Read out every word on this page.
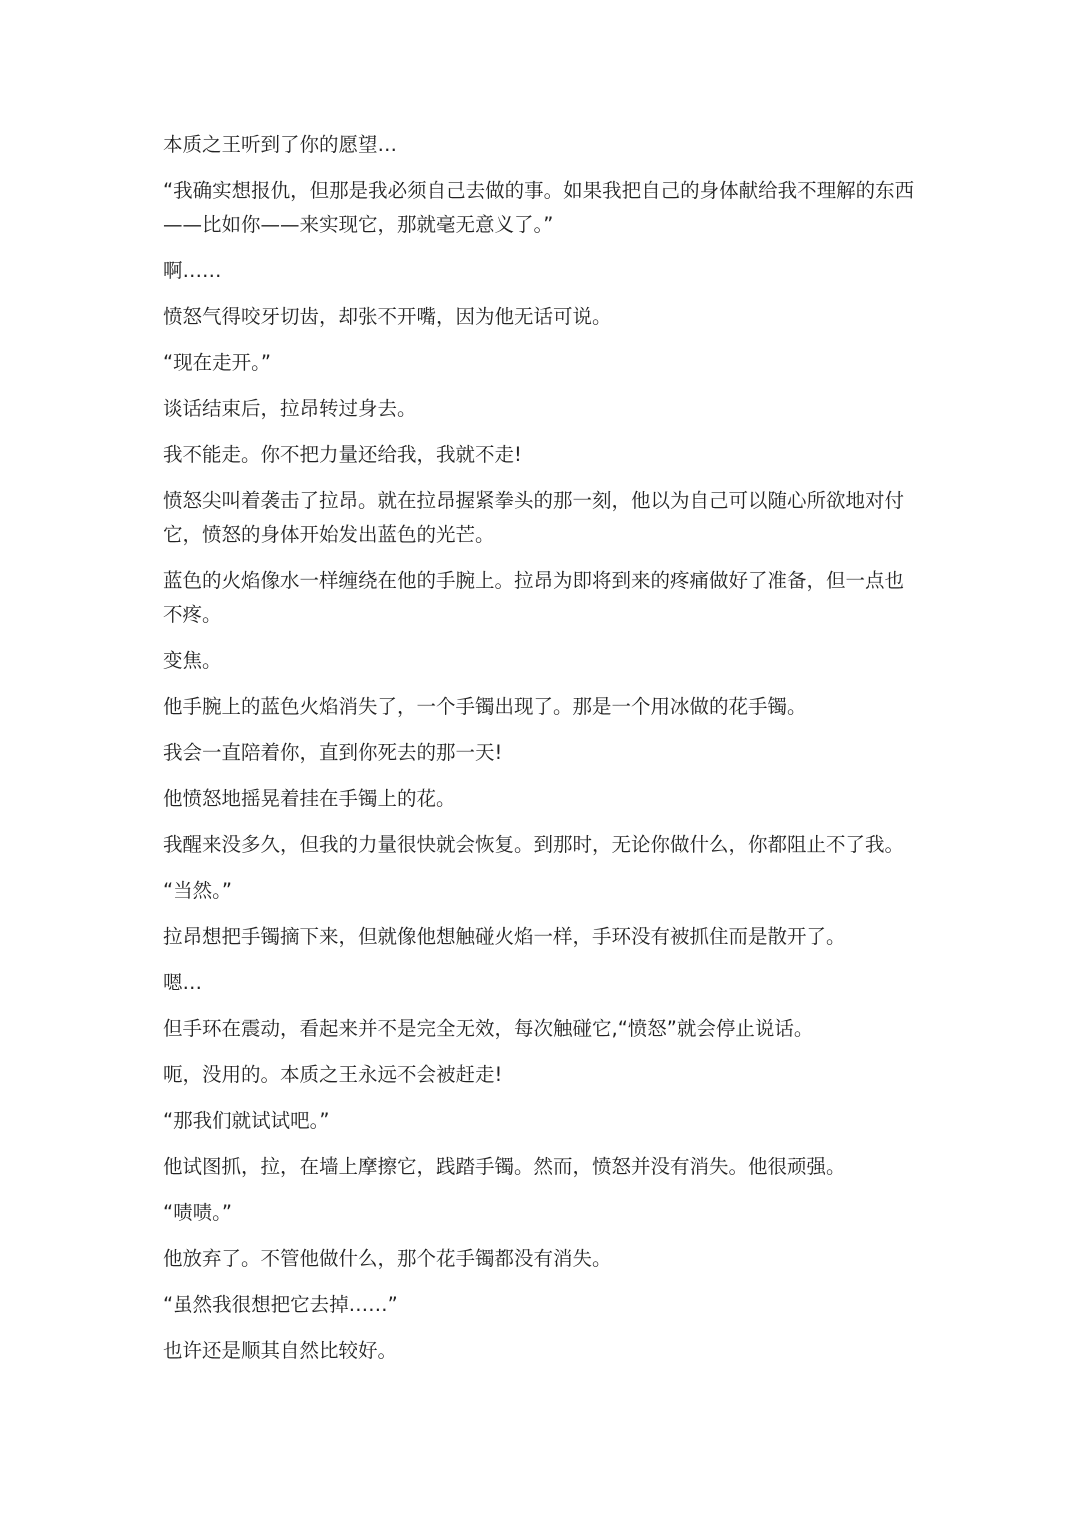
本质之王听到了你的愿望…

“我确实想报仇，但那是我必须自己去做的事。如果我把自己的身体献给我不理解的东西——比如你——来实现它，那就毫无意义了。”

啊……

愤怒气得咬牙切齿，却张不开嘴，因为他无话可说。

“现在走开。”

谈话结束后，拉昂转过身去。

我不能走。你不把力量还给我，我就不走!

愤怒尖叫着袭击了拉昂。就在拉昂握紧拳头的那一刻，他以为自己可以随心所欲地对付它，愤怒的身体开始发出蓝色的光芒。

蓝色的火焰像水一样缠绕在他的手腕上。拉昂为即将到来的疼痛做好了准备，但一点也不疼。

变焦。

他手腕上的蓝色火焰消失了，一个手镯出现了。那是一个用冰做的花手镯。

我会一直陪着你，直到你死去的那一天!

他愤怒地摇晃着挂在手镯上的花。

我醒来没多久，但我的力量很快就会恢复。到那时，无论你做什么，你都阻止不了我。

“当然。”

拉昂想把手镯摘下来，但就像他想触碰火焰一样，手环没有被抓住而是散开了。

嗯…

但手环在震动，看起来并不是完全无效，每次触碰它,“愤怒”就会停止说话。

呃，没用的。本质之王永远不会被赶走!

“那我们就试试吧。”

他试图抓，拉，在墙上摩擦它，践踏手镯。然而，愤怒并没有消失。他很顽强。

“啧啧。”

他放弃了。不管他做什么，那个花手镯都没有消失。

“虽然我很想把它去掉……”

也许还是顺其自然比较好。
